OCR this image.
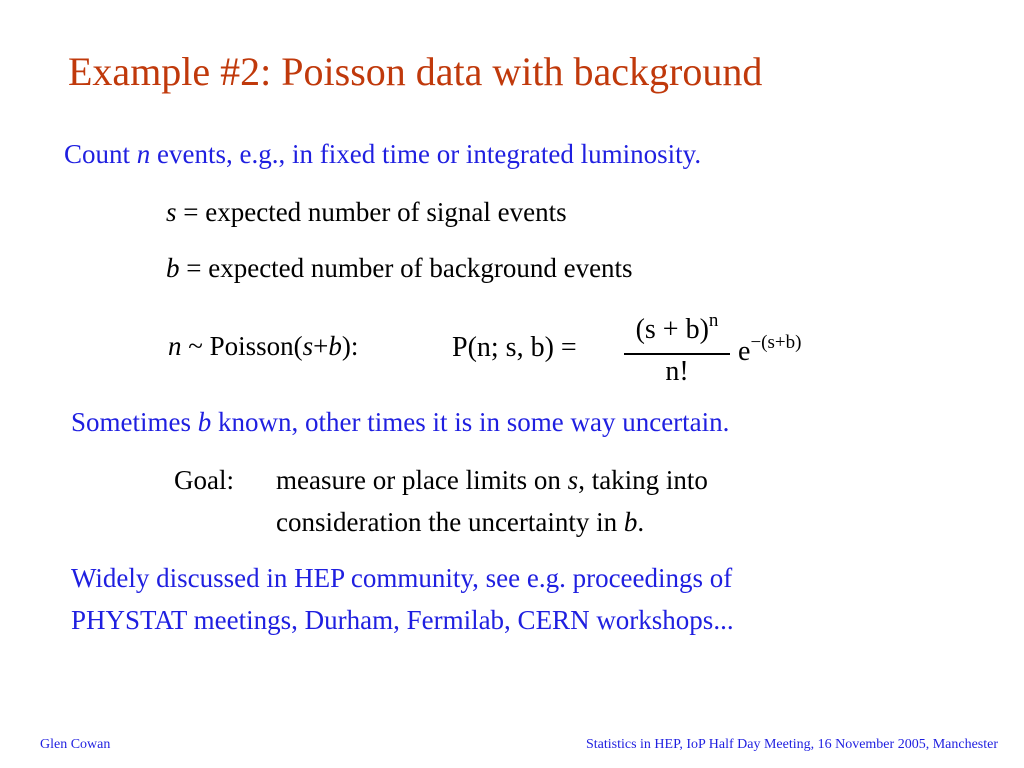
Example #2: Poisson data with background
Count n events, e.g., in fixed time or integrated luminosity.
s = expected number of signal events
b = expected number of background events
n ~ Poisson(s+b):	P(n; s, b) =
$(s + b)^n$
n!
$e^{-(s+b)}$
Sometimes b known, other times it is in some way uncertain.
Goal: measure or place limits on s, taking into
consideration the uncertainty in b.
Widely discussed in HEP community, see e.g. proceedings of
PHYSTAT meetings, Durham, Fermilab, CERN workshops...
Glen Cowan	Statistics in HEP, IoP Half Day Meeting, 16 November 2005, Manchester
